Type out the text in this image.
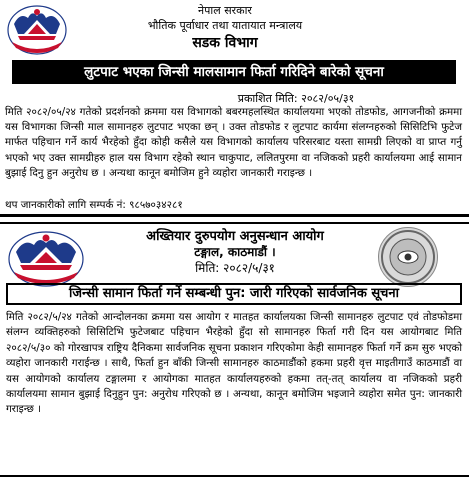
नेपाल सरकार
भौतिक पूर्वाधार तथा यातायात मन्त्रालय
सडक विभाग
लुटपाट भएका जिन्सी मालसामान फिर्ता गरिदिने बारेको सूचना
प्रकाशित मिति: २०८२/०५/३१
मिति २०८२/०५/२४ गतेको प्रदर्शनको क्रममा यस विभागको बबरमहलस्थित कार्यालयमा भएको तोडफोड, आगजनीको क्रममा यस विभागका जिन्सी माल सामानहरु लुटपाट भएका छन् । उक्त तोडफोड र लुटपाट कार्यमा संलग्नहरुको सिसिटिभि फुटेज मार्फत पहिचान गर्ने कार्य भैरहेको हुँदा कोही कसैले यस विभागको कार्यालय परिसरबाट यस्ता सामग्री लिएको वा प्राप्त गर्नु भएको भए उक्त सामग्रीहरु हाल यस विभाग रहेको स्थान चाकुपाट, ललितपुरमा वा नजिकको प्रहरी कार्यालयमा आई सामान बुझाई दिनु हुन अनुरोध छ । अन्यथा कानून बमोजिम हुने व्यहोरा जानकारी गराइन्छ ।
थप जानकारीको लागि सम्पर्क नं: ९८५७०३४२८१
अख्तियार दुरुपयोग अनुसन्धान आयोग
टङ्गाल, काठमाडौं ।
मिति: २०८२/५/३१
जिन्सी सामान फिर्ता गर्ने सम्बन्धी पुन: जारी गरिएको सार्वजनिक सूचना
मिति २०८२/५/२४ गतेको आन्दोलनका क्रममा यस आयोग र मातहत कार्यालयका जिन्सी सामानहरु लुटपाट एवं तोडफोडमा संलग्न व्यक्तिहरुको सिसिटिभि फुटेजबाट पहिचान भैरहेको हुँदा सो सामानहरु फिर्ता गरी दिन यस आयोगबाट मिति २०८२/५/३० को गोरखापत्र राष्ट्रिय दैनिकमा सार्वजनिक सूचना प्रकाशन गरिएकोमा केही सामानहरु फिर्ता गर्ने क्रम सुरु भएको व्यहोरा जानकारी गराईन्छ । साथै, फिर्ता हुन बाँकी जिन्सी सामानहरु काठमाडौंको हकमा प्रहरी वृत्त माइतीगाउँ काठमाडौं वा यस आयोगको कार्यालय टङ्गालमा र आयोगका मातहत कार्यालयहरुको हकमा तत्-तत् कार्यालय वा नजिकको प्रहरी कार्यालयमा सामान बुझाई दिनुहुन पुन: अनुरोध गरिएको छ । अन्यथा, कानून बमोजिम भइजाने व्यहोरा समेत पुन: जानकारी गराइन्छ ।
